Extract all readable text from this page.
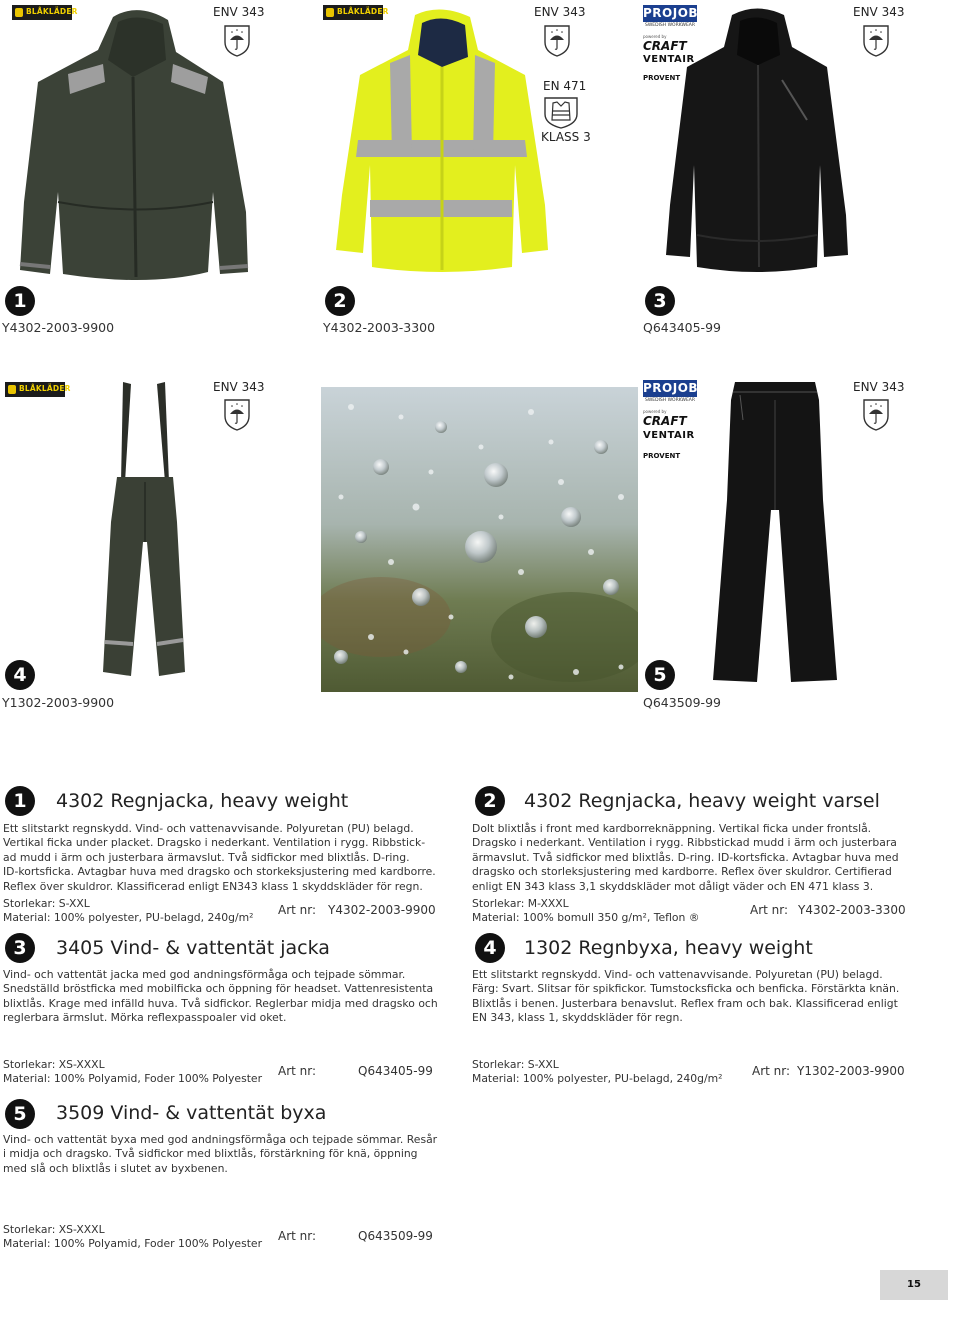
BLÅKLÄDER	ENV 343
1
Y4302-2003-9900
BLÅKLÄDER	ENV 343
EN 471
KLASS 3
2
Y4302-2003-3300
PROJOB
SWEDISH WORKWEAR
powered by
CRAFT
VENTAIR
PROVENT
ENV 343
3
Q643405-99
BLÅKLÄDER	ENV 343	PROJOB
SWEDISH WORKWEAR
powered by
CRAFT
VENTAIR
PROVENT
ENV 343
4
Y1302-2003-9900
5
Q643509-99
1	4302 Regnjacka, heavy weight
Ett slitstarkt regnskydd. Vind- och vattenavvisande. Polyuretan (PU) belagd.
Vertikal ficka under placket. Dragsko i nederkant. Ventilation i rygg. Ribbstick-
ad mudd i ärm och justerbara ärmavslut. Två sidfickor med blixtlås. D-ring.
ID-kortsficka. Avtagbar huva med dragsko och storkeksjustering med kardborre.
Reflex över skuldror. Klassificerad enligt EN343 klass 1 skyddskläder för regn.
Storlekar: S-XXL
Material: 100% polyester, PU-belagd, 240g/m²
Art nr: Y4302-2003-9900
3	3405 Vind- & vattentät jacka
Vind- och vattentät jacka med god andningsförmåga och tejpade sömmar.
Snedställd bröstficka med mobilficka och öppning för headset. Vattenresistenta
blixtlås. Krage med infälld huva. Två sidfickor. Reglerbar midja med dragsko och
reglerbara ärmslut. Mörka reflexpasspoaler vid oket.
Storlekar: XS-XXXL
Material: 100% Polyamid, Foder 100% Polyester
Art nr:	Q643405-99
5	3509 Vind- & vattentät byxa
Vind- och vattentät byxa med god andningsförmåga och tejpade sömmar. Resår
i midja och dragsko. Två sidfickor med blixtlås, förstärkning för knä, öppning
med slå och blixtlås i slutet av byxbenen.
Storlekar: XS-XXXL
Material: 100% Polyamid, Foder 100% Polyester
Art nr:	Q643509-99
2	4302 Regnjacka, heavy weight varsel
Dolt blixtlås i front med kardborreknäppning. Vertikal ficka under frontslå.
Dragsko i nederkant. Ventilation i rygg. Ribbstickad mudd i ärm och justerbara
ärmavslut. Två sidfickor med blixtlås. D-ring. ID-kortsficka. Avtagbar huva med
dragsko och storleksjustering med kardborre. Reflex över skuldror. Certifierad
enligt EN 343 klass 3,1 skyddskläder mot dåligt väder och EN 471 klass 3.
Storlekar: M-XXXL
Material: 100% bomull 350 g/m², Teflon ®
Art nr: Y4302-2003-3300
4	1302 Regnbyxa, heavy weight
Ett slitstarkt regnskydd. Vind- och vattenavvisande. Polyuretan (PU) belagd.
Färg: Svart. Slitsar för spikfickor. Tumstocksficka och benficka. Förstärkta knän.
Blixtlås i benen. Justerbara benavslut. Reflex fram och bak. Klassificerad enligt
EN 343, klass 1, skyddskläder för regn.
Storlekar: S-XXL
Material: 100% polyester, PU-belagd, 240g/m²
Art nr: Y1302-2003-9900
15
